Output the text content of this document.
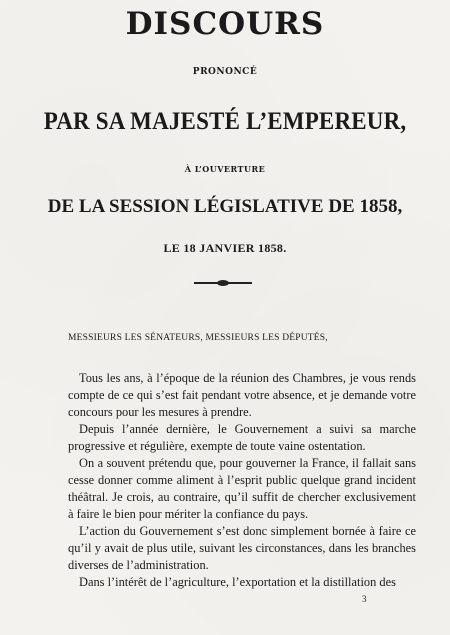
DISCOURS
PRONONCÉ
PAR SA MAJESTÉ L’EMPEREUR,
À L’OUVERTURE
DE LA SESSION LÉGISLATIVE DE 1858,
LE 18 JANVIER 1858.
MESSIEURS LES SÉNATEURS, MESSIEURS LES DÉPUTÉS,

Tous les ans, à l’époque de la réunion des Chambres, je vous rends compte de ce qui s’est fait pendant votre absence, et je demande votre concours pour les mesures à prendre.

Depuis l’année dernière, le Gouvernement a suivi sa marche progressive et régulière, exempte de toute vaine ostentation.

On a souvent prétendu que, pour gouverner la France, il fallait sans cesse donner comme aliment à l’esprit public quelque grand incident théâtral. Je crois, au contraire, qu’il suffit de chercher exclusivement à faire le bien pour mériter la confiance du pays.

L’action du Gouvernement s’est donc simplement bornée à faire ce qu’il y avait de plus utile, suivant les circonstances, dans les branches diverses de l’administration.

Dans l’intérêt de l’agriculture, l’exportation et la distillation des

3
